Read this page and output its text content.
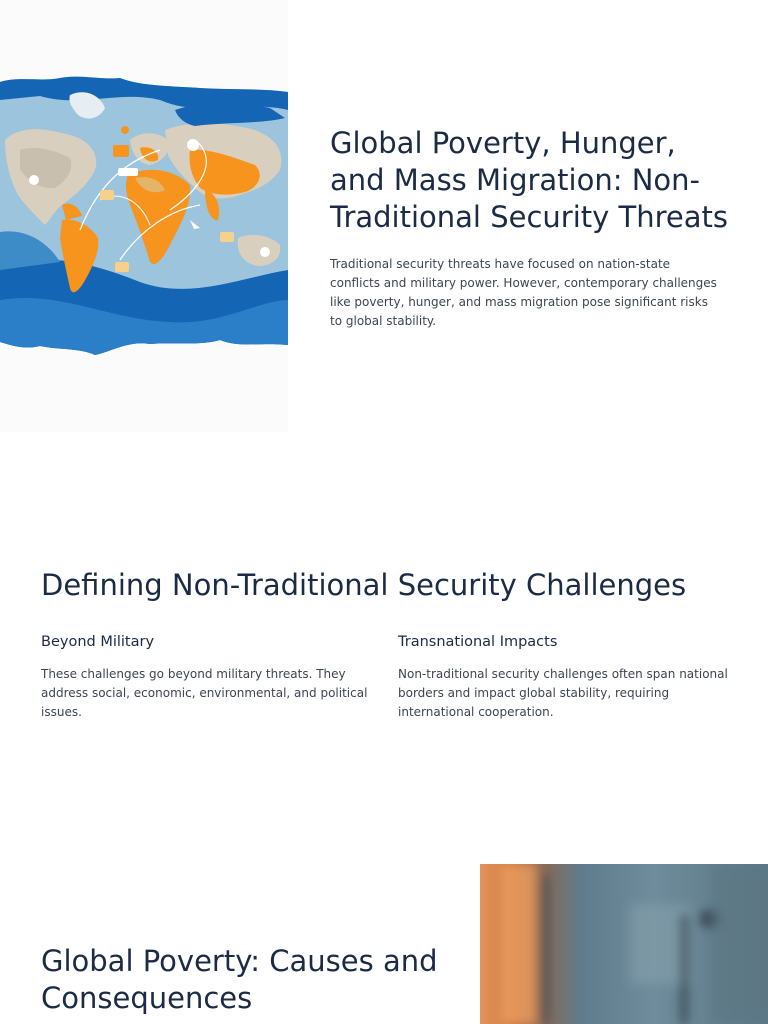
Global Poverty, Hunger, and Mass Migration: Non-Traditional Security Threats

Traditional security threats have focused on nation-state conflicts and military power. However, contemporary challenges like poverty, hunger, and mass migration pose significant risks to global stability.

Defining Non-Traditional Security Challenges
Beyond Military

These challenges go beyond military threats. They address social, economic, environmental, and political issues.

Transnational Impacts

Non-traditional security challenges often span national borders and impact global stability, requiring international cooperation.

Global Poverty: Causes and Consequences
